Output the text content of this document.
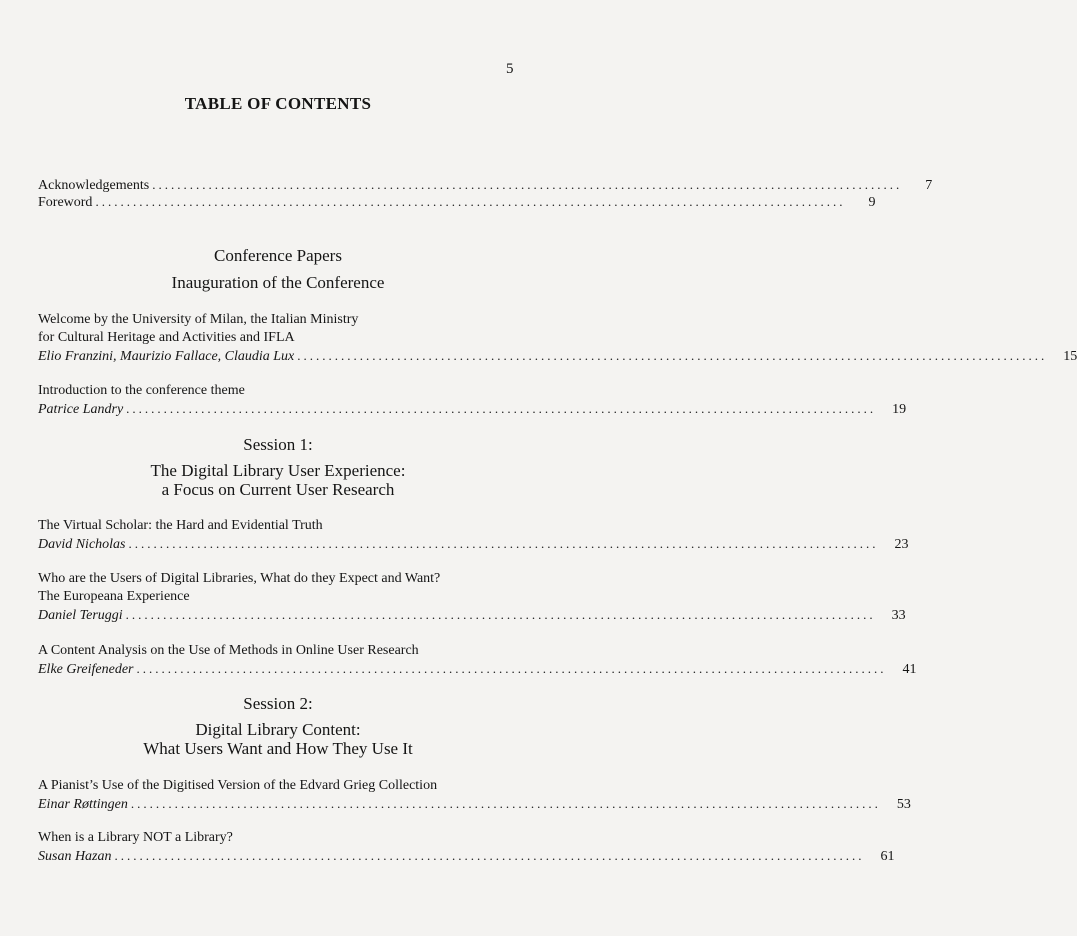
5
TABLE OF CONTENTS
Acknowledgements ........................................................................................................................	7
Foreword ........................................................................................................................	9
Conference Papers
Inauguration of the Conference
Welcome by the University of Milan, the Italian Ministry
for Cultural Heritage and Activities and IFLA
Elio Franzini, Maurizio Fallace, Claudia Lux ........................................................................................................................	15
Introduction to the conference theme
Patrice Landry ........................................................................................................................	19
Session 1:
The Digital Library User Experience:
a Focus on Current User Research
The Virtual Scholar: the Hard and Evidential Truth
David Nicholas ........................................................................................................................	23
Who are the Users of Digital Libraries, What do they Expect and Want?
The Europeana Experience
Daniel Teruggi ........................................................................................................................	33
A Content Analysis on the Use of Methods in Online User Research
Elke Greifeneder ........................................................................................................................	41
Session 2:
Digital Library Content:
What Users Want and How They Use It
A Pianist’s Use of the Digitised Version of the Edvard Grieg Collection
Einar Røttingen ........................................................................................................................	53
When is a Library NOT a Library?
Susan Hazan ........................................................................................................................	61
